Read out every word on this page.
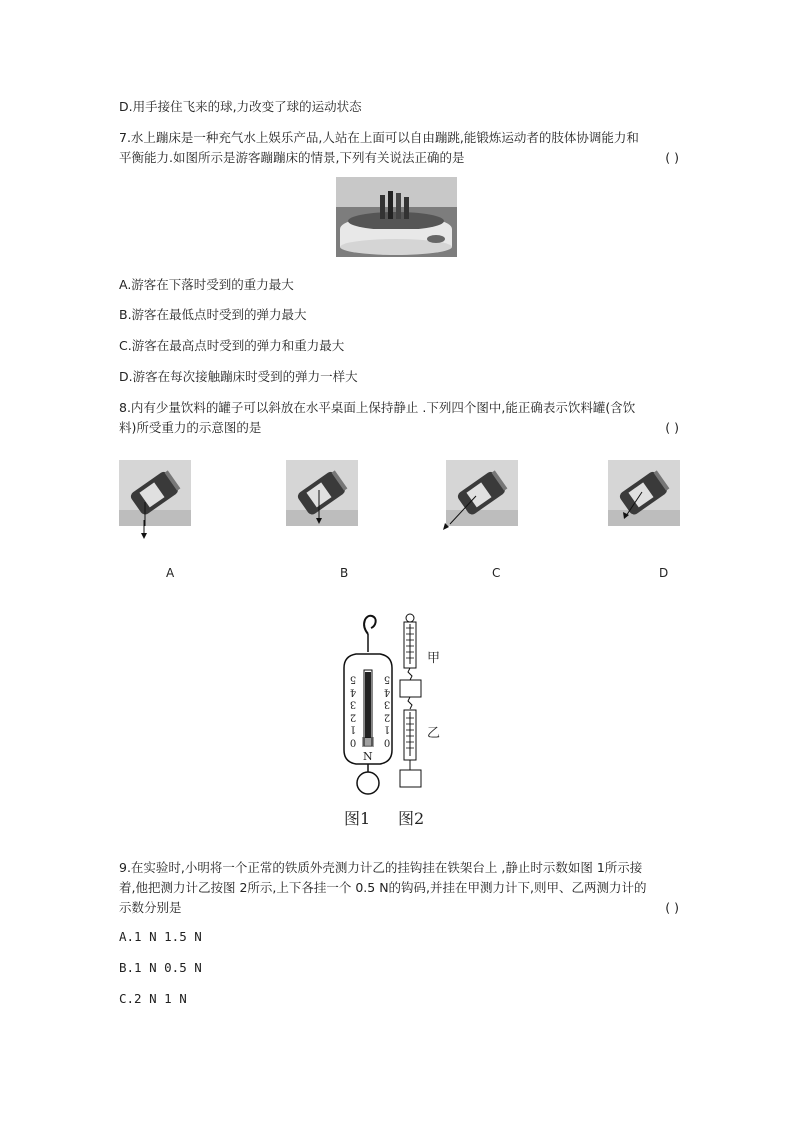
D.用手接住飞来的球,力改变了球的运动状态
7.水上蹦床是一种充气水上娱乐产品,人站在上面可以自由蹦跳,能锻炼运动者的肢体协调能力和
平衡能力.如图所示是游客蹦蹦床的情景,下列有关说法正确的是	( )
A.游客在下落时受到的重力最大
B.游客在最低点时受到的弹力最大
C.游客在最高点时受到的弹力和重力最大
D.游客在每次接触蹦床时受到的弹力一样大
8.内有少量饮料的罐子可以斜放在水平桌面上保持静止 .下列四个图中,能正确表示饮料罐(含饮
料)所受重力的示意图的是	( )
A	B	C	D
0
1
2
3
4
5
0
1
2
3
4
5
N
甲
乙
图1 图2
9.在实验时,小明将一个正常的铁质外壳测力计乙的挂钩挂在铁架台上 ,静止时示数如图 1所示接
着,他把测力计乙按图 2所示,上下各挂一个 0.5 N的钩码,并挂在甲测力计下,则甲、乙两测力计的
示数分别是	( )
A.1 N 1.5 N
B.1 N 0.5 N
C.2 N 1 N
